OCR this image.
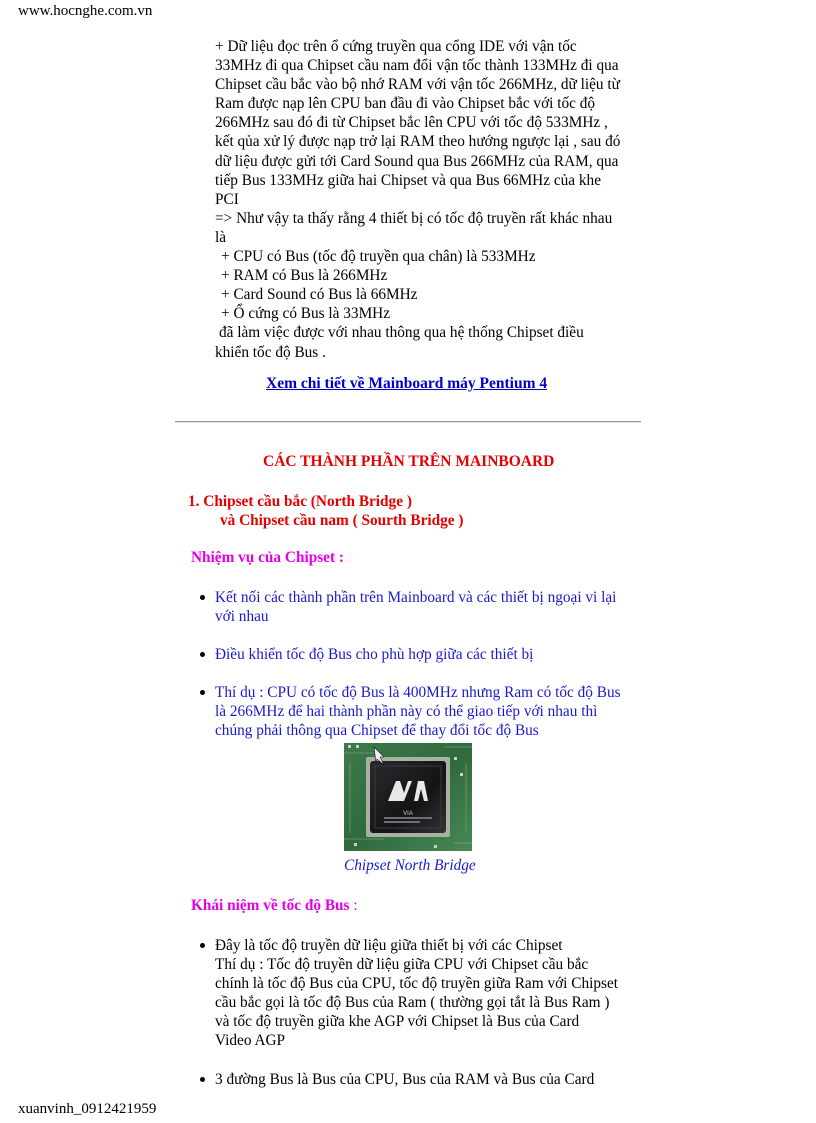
www.hocnghe.com.vn
+ Dữ liệu đọc trên ổ cứng truyền qua cổng IDE với vận tốc
33MHz đi qua Chipset cầu nam đổi vận tốc thành 133MHz đi qua
Chipset cầu bắc vào bộ nhớ RAM với vận tốc 266MHz, dữ liệu từ
Ram được nạp lên CPU ban đầu đi vào Chipset bắc với tốc độ
266MHz sau đó đi từ Chipset bắc lên CPU với tốc độ 533MHz ,
kết qủa xử lý được nạp trở lại RAM theo hướng ngược lại , sau đó
dữ liệu được gửi tới Card Sound qua Bus 266MHz của RAM, qua
tiếp Bus 133MHz giữa hai Chipset và qua Bus 66MHz của khe
PCI
=> Như vậy ta thấy rằng 4 thiết bị có tốc độ truyền rất khác nhau
là
+ CPU có Bus (tốc độ truyền qua chân) là 533MHz
+ RAM có Bus là 266MHz
+ Card Sound có Bus là 66MHz
+ Ổ cứng có Bus là 33MHz
đã làm việc được với nhau thông qua hệ thống Chipset điều
khiển tốc độ Bus .
Xem chi tiết về Mainboard máy Pentium 4
CÁC THÀNH PHẦN TRÊN MAINBOARD
1. Chipset cầu bắc (North Bridge )
và Chipset cầu nam ( Sourth Bridge )
Nhiệm vụ của Chipset :
Kết nối các thành phần trên Mainboard và các thiết bị ngoại vi lại
với nhau
Điều khiển tốc độ Bus cho phù hợp giữa các thiết bị
Thí dụ : CPU có tốc độ Bus là 400MHz nhưng Ram có tốc độ Bus
là 266MHz để hai thành phần này có thể giao tiếp với nhau thì
chúng phải thông qua Chipset để thay đổi tốc độ Bus
VIA
Chipset North Bridge
Khái niệm về tốc độ Bus :
Đây là tốc độ truyền dữ liệu giữa thiết bị với các Chipset
Thí dụ : Tốc độ truyền dữ liệu giữa CPU với Chipset cầu bắc
chính là tốc độ Bus của CPU, tốc độ truyền giữa Ram với Chipset
cầu bắc gọi là tốc độ Bus của Ram ( thường gọi tắt là Bus Ram )
và tốc độ truyền giữa khe AGP với Chipset là Bus của Card
Video AGP
3 đường Bus là Bus của CPU, Bus của RAM và Bus của Card
xuanvinh_0912421959
